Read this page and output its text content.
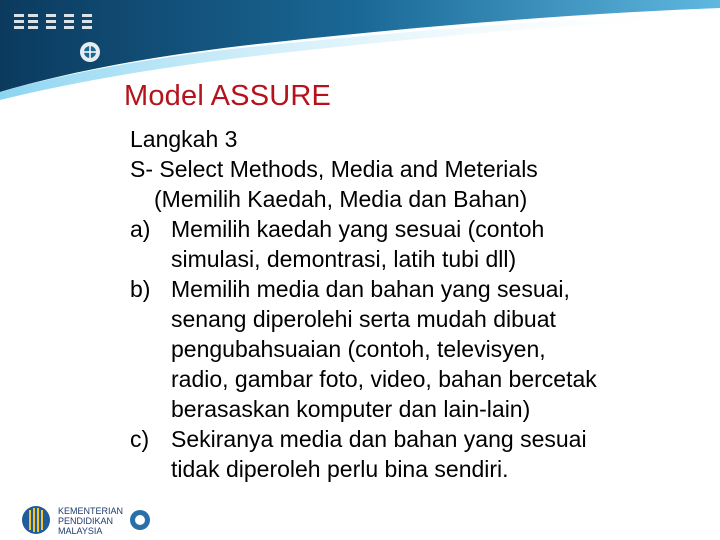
Model ASSURE
Langkah 3
S- Select Methods, Media and Meterials
(Memilih Kaedah, Media dan Bahan)
a) Memilih kaedah yang sesuai (contoh
simulasi, demontrasi, latih tubi dll)
b) Memilih media dan bahan yang sesuai,
senang diperolehi serta mudah dibuat
pengubahsuaian (contoh, televisyen,
radio, gambar foto, video, bahan bercetak
berasaskan komputer dan lain-lain)
c) Sekiranya media dan bahan yang sesuai
tidak diperoleh perlu bina sendiri.
KEMENTERIAN
PENDIDIKAN
MALAYSIA
